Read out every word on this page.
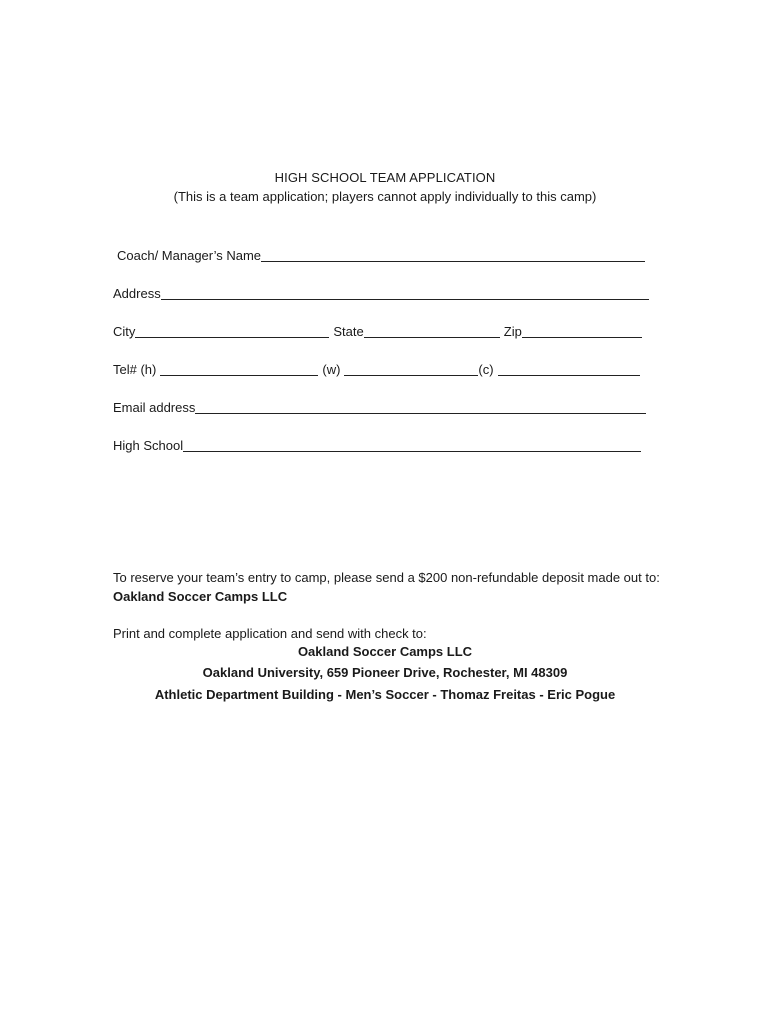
HIGH SCHOOL TEAM APPLICATION
(This is a team application; players cannot apply individually to this camp)
Coach/ Manager’s Name
Address
City	State	Zip
Tel# (h)	(w)	(c)
Email address
High School
To reserve your team’s entry to camp, please send a $200 non-refundable deposit made out to: Oakland Soccer Camps LLC
Print and complete application and send with check to:
Oakland Soccer Camps LLC
Oakland University, 659 Pioneer Drive, Rochester, MI 48309
Athletic Department Building - Men’s Soccer - Thomaz Freitas - Eric Pogue
